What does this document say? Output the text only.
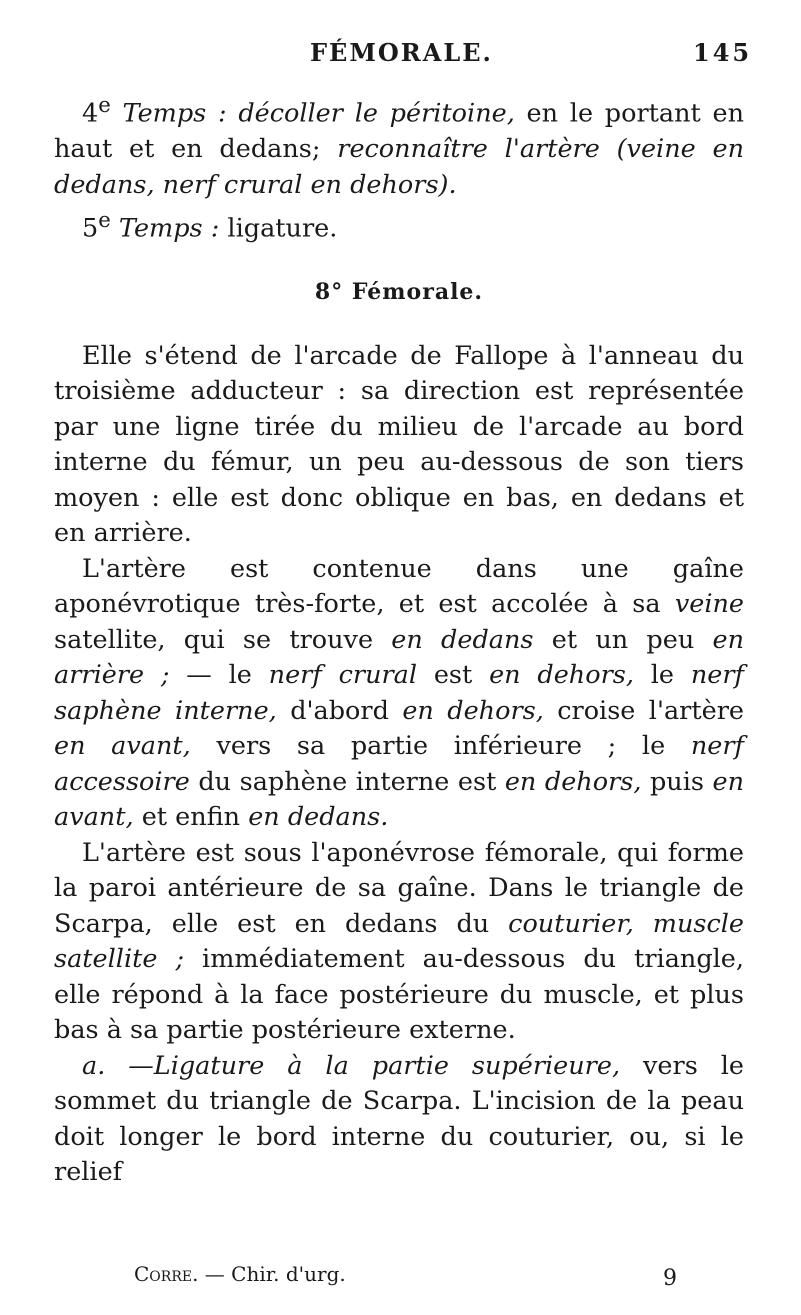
FÉMORALE.	145

4e Temps : décoller le péritoine, en le portant en haut et en dedans; reconnaître l'artère (veine en dedans, nerf crural en dehors).

5e Temps : ligature.

8° Fémorale.

Elle s'étend de l'arcade de Fallope à l'anneau du troisième adducteur : sa direction est représentée par une ligne tirée du milieu de l'arcade au bord interne du fémur, un peu au-dessous de son tiers moyen : elle est donc oblique en bas, en dedans et en arrière.

L'artère est contenue dans une gaîne aponévrotique très-forte, et est accolée à sa veine satellite, qui se trouve en dedans et un peu en arrière ; — le nerf crural est en dehors, le nerf saphène interne, d'abord en dehors, croise l'artère en avant, vers sa partie inférieure ; le nerf accessoire du saphène interne est en dehors, puis en avant, et enfin en dedans.

L'artère est sous l'aponévrose fémorale, qui forme la paroi antérieure de sa gaîne. Dans le triangle de Scarpa, elle est en dedans du couturier, muscle satellite ; immédiatement au-dessous du triangle, elle répond à la face postérieure du muscle, et plus bas à sa partie postérieure externe.

a. —Ligature à la partie supérieure, vers le sommet du triangle de Scarpa. L'incision de la peau doit longer le bord interne du couturier, ou, si le relief

Corre. — Chir. d'urg.	9
